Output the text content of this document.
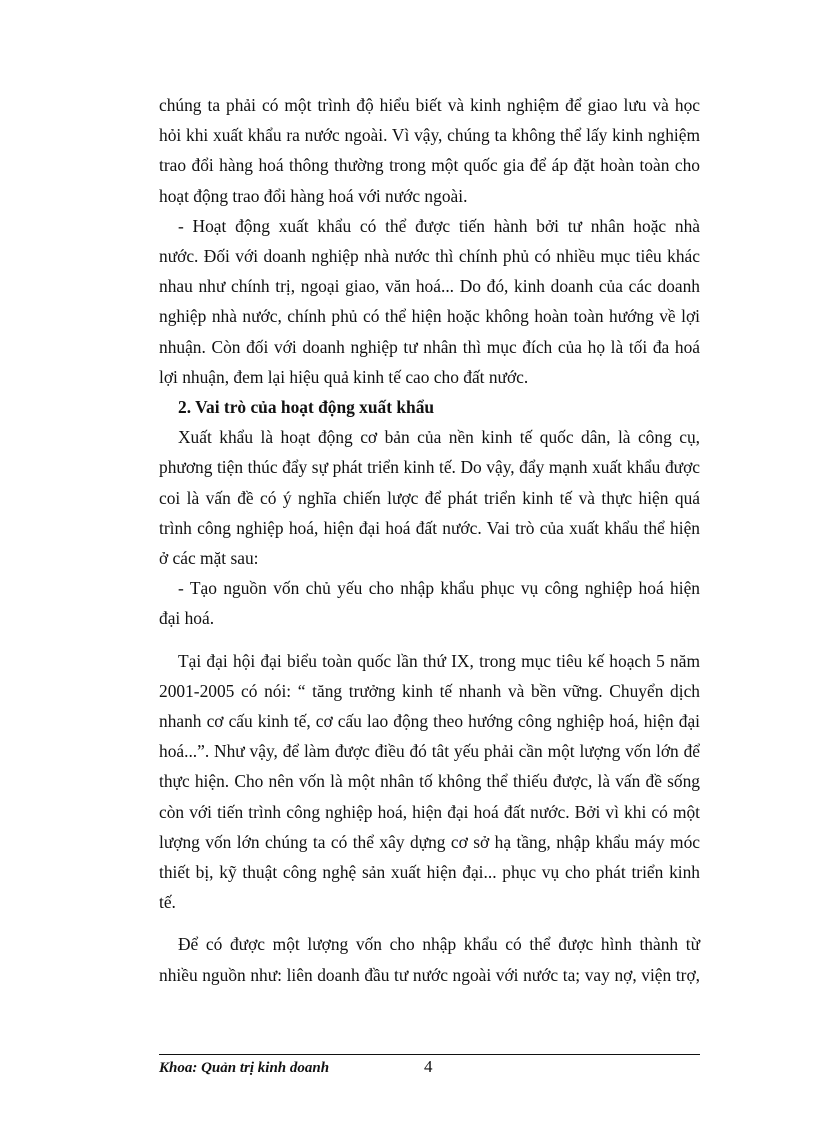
chúng ta phải có một trình độ hiểu biết và kinh nghiệm để giao lưu và học
hỏi khi xuất khẩu ra nước ngoài. Vì vậy, chúng ta không thể lấy kinh nghiệm
trao đổi hàng hoá thông thường trong một quốc gia để áp đặt hoàn toàn cho
hoạt động trao đổi hàng hoá với nước ngoài.
- Hoạt động xuất khẩu có thể được tiến hành bởi tư nhân hoặc nhà
nước. Đối với doanh nghiệp nhà nước thì chính phủ có nhiều mục tiêu khác
nhau như chính trị, ngoại giao, văn hoá... Do đó, kinh doanh của các doanh
nghiệp nhà nước, chính phủ có thể hiện hoặc không hoàn toàn hướng về lợi
nhuận. Còn đối với doanh nghiệp tư nhân thì mục đích của họ là tối đa hoá
lợi nhuận, đem lại hiệu quả kinh tế cao cho đất nước.
2. Vai trò của hoạt động xuất khẩu
Xuất khẩu là hoạt động cơ bản của nền kinh tế quốc dân, là công cụ,
phương tiện thúc đẩy sự phát triển kinh tế. Do vậy, đẩy mạnh xuất khẩu được
coi là vấn đề có ý nghĩa chiến lược để phát triển kinh tế và thực hiện quá
trình công nghiệp hoá, hiện đại hoá đất nước. Vai trò của xuất khẩu thể hiện
ở các mặt sau:
- Tạo nguồn vốn chủ yếu cho nhập khẩu phục vụ công nghiệp hoá hiện
đại hoá.
Tại đại hội đại biểu toàn quốc lần thứ IX, trong mục tiêu kế hoạch 5 năm
2001-2005 có nói: “ tăng trưởng kinh tế nhanh và bền vững. Chuyển dịch
nhanh cơ cấu kinh tế, cơ cấu lao động theo hướng công nghiệp hoá, hiện đại
hoá...”. Như vậy, để làm được điều đó tât yếu phải cần một lượng vốn lớn để
thực hiện. Cho nên vốn là một nhân tố không thể thiếu được, là vấn đề sống
còn với tiến trình công nghiệp hoá, hiện đại hoá đất nước. Bởi vì khi có một
lượng vốn lớn chúng ta có thể xây dựng cơ sở hạ tầng, nhập khẩu máy móc
thiết bị, kỹ thuật công nghệ sản xuất hiện đại... phục vụ cho phát triển kinh
tế.
Để có được một lượng vốn cho nhập khẩu có thể được hình thành từ
nhiều nguồn như: liên doanh đầu tư nước ngoài với nước ta; vay nợ, viện trợ,
Khoa: Quản trị kinh doanh	4
